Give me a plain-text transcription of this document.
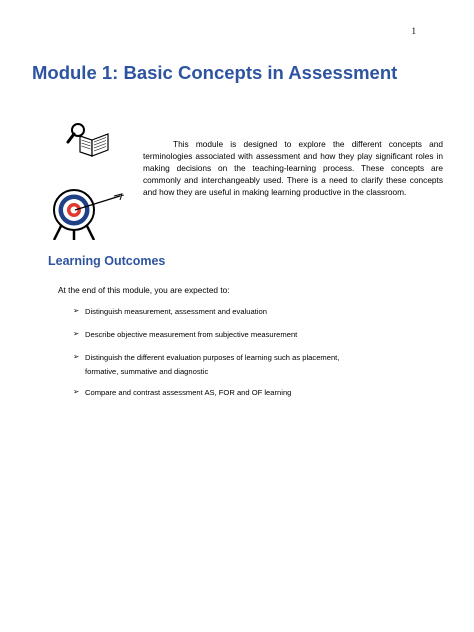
1
Module 1: Basic Concepts in Assessment

This module is designed to explore the different concepts and terminologies associated with assessment and how they play significant roles in making decisions on the teaching-learning process. These concepts are commonly and interchangeably used. There is a need to clarify these concepts and how they are useful in making learning productive in the classroom.

Learning Outcomes

At the end of this module, you are expected to:

➢ Distinguish measurement, assessment and evaluation
➢ Describe objective measurement from subjective measurement
➢ Distinguish the different evaluation purposes of learning such as placement, formative, summative and diagnostic
➢ Compare and contrast assessment AS, FOR and OF learning
